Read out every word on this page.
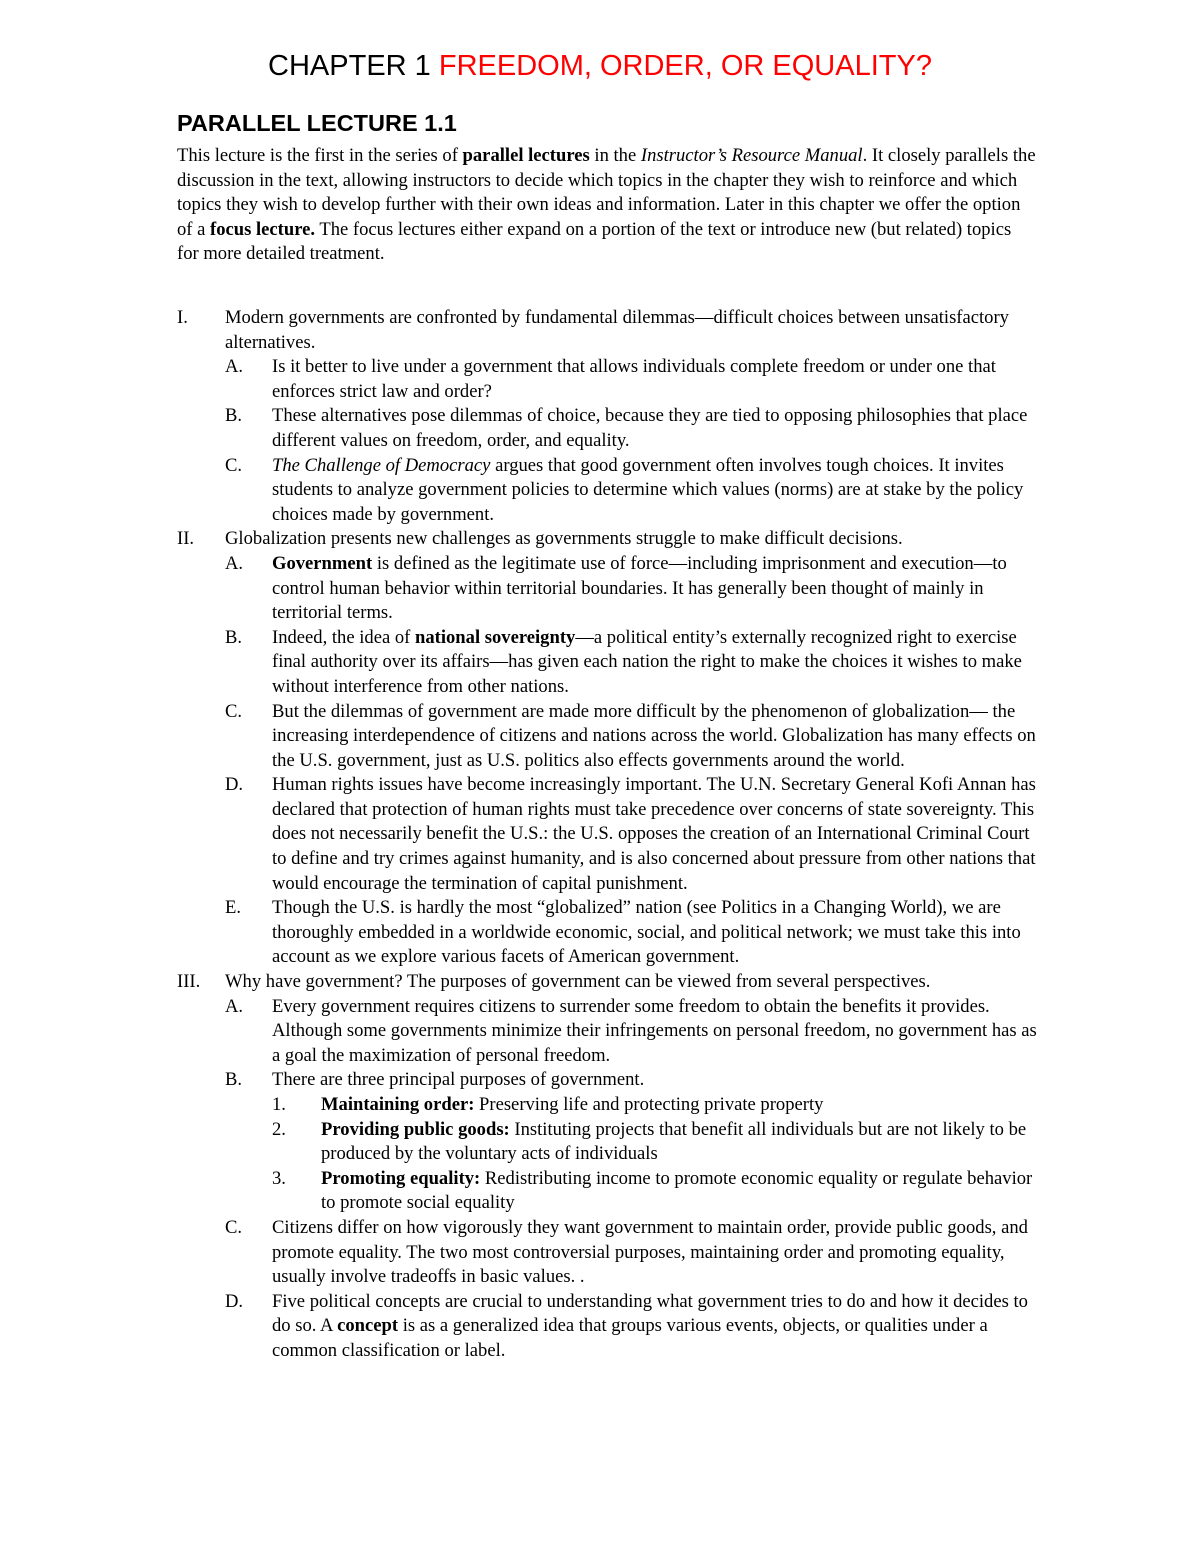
CHAPTER 1 FREEDOM, ORDER, OR EQUALITY?
PARALLEL LECTURE 1.1

This lecture is the first in the series of parallel lectures in the Instructor’s Resource Manual. It closely parallels the discussion in the text, allowing instructors to decide which topics in the chapter they wish to reinforce and which topics they wish to develop further with their own ideas and information. Later in this chapter we offer the option of a focus lecture. The focus lectures either expand on a portion of the text or introduce new (but related) topics for more detailed treatment.

I. Modern governments are confronted by fundamental dilemmas—difficult choices between unsatisfactory alternatives.
A. Is it better to live under a government that allows individuals complete freedom or under one that enforces strict law and order?
B. These alternatives pose dilemmas of choice, because they are tied to opposing philosophies that place different values on freedom, order, and equality.
C. The Challenge of Democracy argues that good government often involves tough choices. It invites students to analyze government policies to determine which values (norms) are at stake by the policy choices made by government.
II. Globalization presents new challenges as governments struggle to make difficult decisions.
A. Government is defined as the legitimate use of force—including imprisonment and execution—to control human behavior within territorial boundaries. It has generally been thought of mainly in territorial terms.
B. Indeed, the idea of national sovereignty—a political entity’s externally recognized right to exercise final authority over its affairs—has given each nation the right to make the choices it wishes to make without interference from other nations.
C. But the dilemmas of government are made more difficult by the phenomenon of globalization— the increasing interdependence of citizens and nations across the world. Globalization has many effects on the U.S. government, just as U.S. politics also effects governments around the world.
D. Human rights issues have become increasingly important. The U.N. Secretary General Kofi Annan has declared that protection of human rights must take precedence over concerns of state sovereignty. This does not necessarily benefit the U.S.: the U.S. opposes the creation of an International Criminal Court to define and try crimes against humanity, and is also concerned about pressure from other nations that would encourage the termination of capital punishment.
E. Though the U.S. is hardly the most “globalized” nation (see Politics in a Changing World), we are thoroughly embedded in a worldwide economic, social, and political network; we must take this into account as we explore various facets of American government.
III. Why have government? The purposes of government can be viewed from several perspectives.
A. Every government requires citizens to surrender some freedom to obtain the benefits it provides. Although some governments minimize their infringements on personal freedom, no government has as a goal the maximization of personal freedom.
B. There are three principal purposes of government.
1. Maintaining order: Preserving life and protecting private property
2. Providing public goods: Instituting projects that benefit all individuals but are not likely to be produced by the voluntary acts of individuals
3. Promoting equality: Redistributing income to promote economic equality or regulate behavior to promote social equality
C. Citizens differ on how vigorously they want government to maintain order, provide public goods, and promote equality. The two most controversial purposes, maintaining order and promoting equality, usually involve tradeoffs in basic values. .
D. Five political concepts are crucial to understanding what government tries to do and how it decides to do so. A concept is as a generalized idea that groups various events, objects, or qualities under a common classification or label.
